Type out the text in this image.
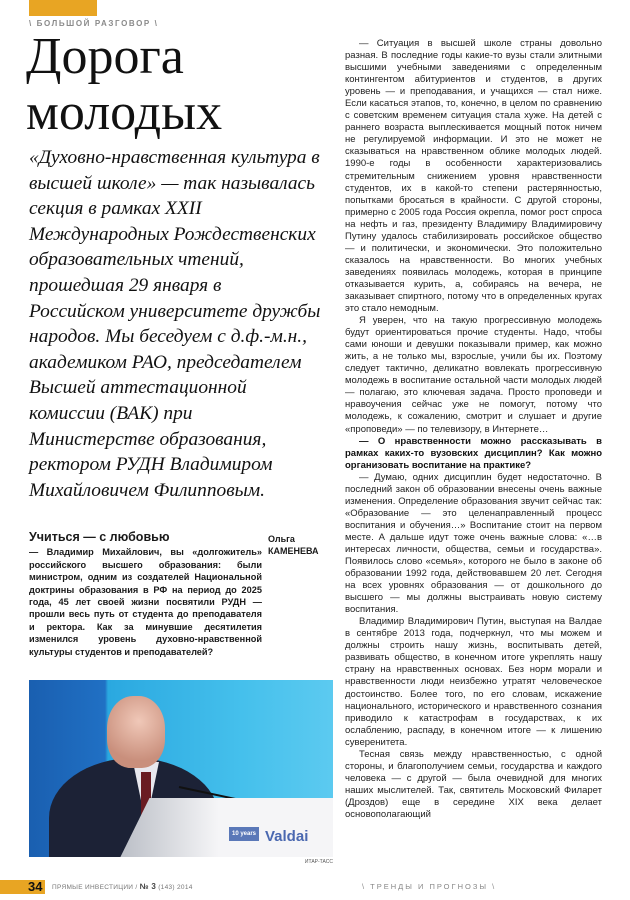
\ БОЛЬШОЙ РАЗГОВОР \
Дорога
молодых
«Духовно-нравственная культура в высшей школе» — так называлась секция в рамках XXII Международных Рождественских образовательных чтений, прошедшая 29 января в Российском университете дружбы народов. Мы беседуем с д.ф.-м.н., академиком РАО, председателем Высшей аттестационной комиссии (ВАК) при Министерстве образования, ректором РУДН Владимиром Михайловичем Филипповым.
Учиться — с любовью
— Владимир Михайлович, вы «долгожитель» российского высшего образования: были министром, одним из создателей Национальной доктрины образования в РФ на период до 2025 года, 45 лет своей жизни посвятили РУДН — прошли весь путь от студента до преподавателя и ректора. Как за минувшие десятилетия изменился уровень духовно-нравственной культуры студентов и преподавателей?
Ольга
КАМЕНЕВА
10 years Valdai
ИТАР-ТАСС

— Ситуация в высшей школе страны довольно разная. В последние годы какие-то вузы стали элитными высшими учебными заведениями с определенным контингентом абитуриентов и студентов, в других уровень — и преподавания, и учащихся — стал ниже. Если касаться этапов, то, конечно, в целом по сравнению с советским временем ситуация стала хуже. На детей с раннего возраста выплескивается мощный поток ничем не регулируемой информации. И это не может не сказываться на нравственном облике молодых людей. 1990-е годы в особенности характеризовались стремительным снижением уровня нравственности студентов, их в какой-то степени растерянностью, попытками бросаться в крайности. С другой стороны, примерно с 2005 года Россия окрепла, помог рост спроса на нефть и газ, президенту Владимиру Владимировичу Путину удалось стабилизировать российское общество — и политически, и экономически. Это положительно сказалось на нравственности. Во многих учебных заведениях появилась молодежь, которая в принципе отказывается курить, а, собираясь на вечера, не заказывает спиртного, потому что в определенных кругах это стало немодным.

Я уверен, что на такую прогрессивную молодежь будут ориентироваться прочие студенты. Надо, чтобы сами юноши и девушки показывали пример, как можно жить, а не только мы, взрослые, учили бы их. Поэтому следует тактично, деликатно вовлекать прогрессивную молодежь в воспитание остальной части молодых людей — полагаю, это ключевая задача. Просто проповеди и нравоучения сейчас уже не помогут, потому что молодежь, к сожалению, смотрит и слушает и другие «проповеди» — по телевизору, в Интернете…

— О нравственности можно рассказывать в рамках каких-то вузовских дисциплин? Как можно организовать воспитание на практике?

— Думаю, одних дисциплин будет недостаточно. В последний закон об образовании внесены очень важные изменения. Определение образования звучит сейчас так: «Образование — это целенаправленный процесс воспитания и обучения…» Воспитание стоит на первом месте. А дальше идут тоже очень важные слова: «…в интересах личности, общества, семьи и государства». Появилось слово «семья», которого не было в законе об образовании 1992 года, действовавшем 20 лет. Сегодня на всех уровнях образования — от дошкольного до высшего — мы должны выстраивать новую систему воспитания.

Владимир Владимирович Путин, выступая на Валдае в сентябре 2013 года, подчеркнул, что мы можем и должны строить нашу жизнь, воспитывать детей, развивать общество, в конечном итоге укреплять нашу страну на нравственных основах. Без норм морали и нравственности люди неизбежно утратят человеческое достоинство. Более того, по его словам, искажение национального, исторического и нравственного сознания приводило к катастрофам в государствах, к их ослаблению, распаду, в конечном итоге — к лишению суверенитета.

Тесная связь между нравственностью, с одной стороны, и благополучием семьи, государства и каждого человека — с другой — была очевидной для многих наших мыслителей. Так, святитель Московский Филарет (Дроздов) еще в середине XIX века делает основополагающий

34 ПРЯМЫЕ ИНВЕСТИЦИИ / № 3 (143) 2014	\ ТРЕНДЫ И ПРОГНОЗЫ \
